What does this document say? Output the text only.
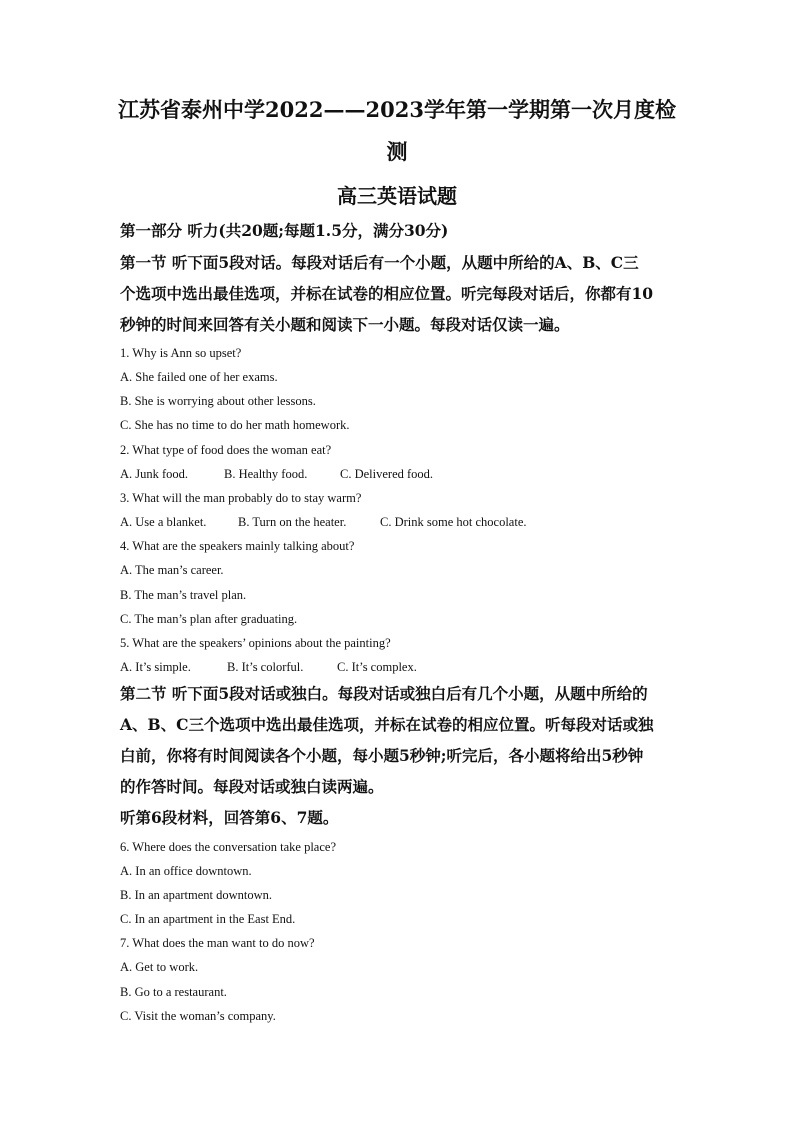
江苏省泰州中学2022——2023学年第一学期第一次月度检
测
高三英语试题
第一部分 听力(共20题;每题1.5分，满分30分)
第一节 听下面5段对话。每段对话后有一个小题，从题中所给的A、B、C三
个选项中选出最佳选项，并标在试卷的相应位置。听完每段对话后，你都有10
秒钟的时间来回答有关小题和阅读下一小题。每段对话仅读一遍。
1. Why is Ann so upset?
A. She failed one of her exams.
B. She is worrying about other lessons.
C. She has no time to do her math homework.
2. What type of food does the woman eat?
A. Junk food.	B. Healthy food.	C. Delivered food.
3. What will the man probably do to stay warm?
A. Use a blanket.	B. Turn on the heater.	C. Drink some hot chocolate.
4. What are the speakers mainly talking about?
A. The man’s career.
B. The man’s travel plan.
C. The man’s plan after graduating.
5. What are the speakers’ opinions about the painting?
A. It’s simple.	B. It’s colorful.	C. It’s complex.
第二节 听下面5段对话或独白。每段对话或独白后有几个小题，从题中所给的
A、B、C三个选项中选出最佳选项，并标在试卷的相应位置。听每段对话或独
白前，你将有时间阅读各个小题，每小题5秒钟;听完后，各小题将给出5秒钟
的作答时间。每段对话或独白读两遍。
听第6段材料，回答第6、7题。
6. Where does the conversation take place?
A. In an office downtown.
B. In an apartment downtown.
C. In an apartment in the East End.
7. What does the man want to do now?
A. Get to work.
B. Go to a restaurant.
C. Visit the woman’s company.
